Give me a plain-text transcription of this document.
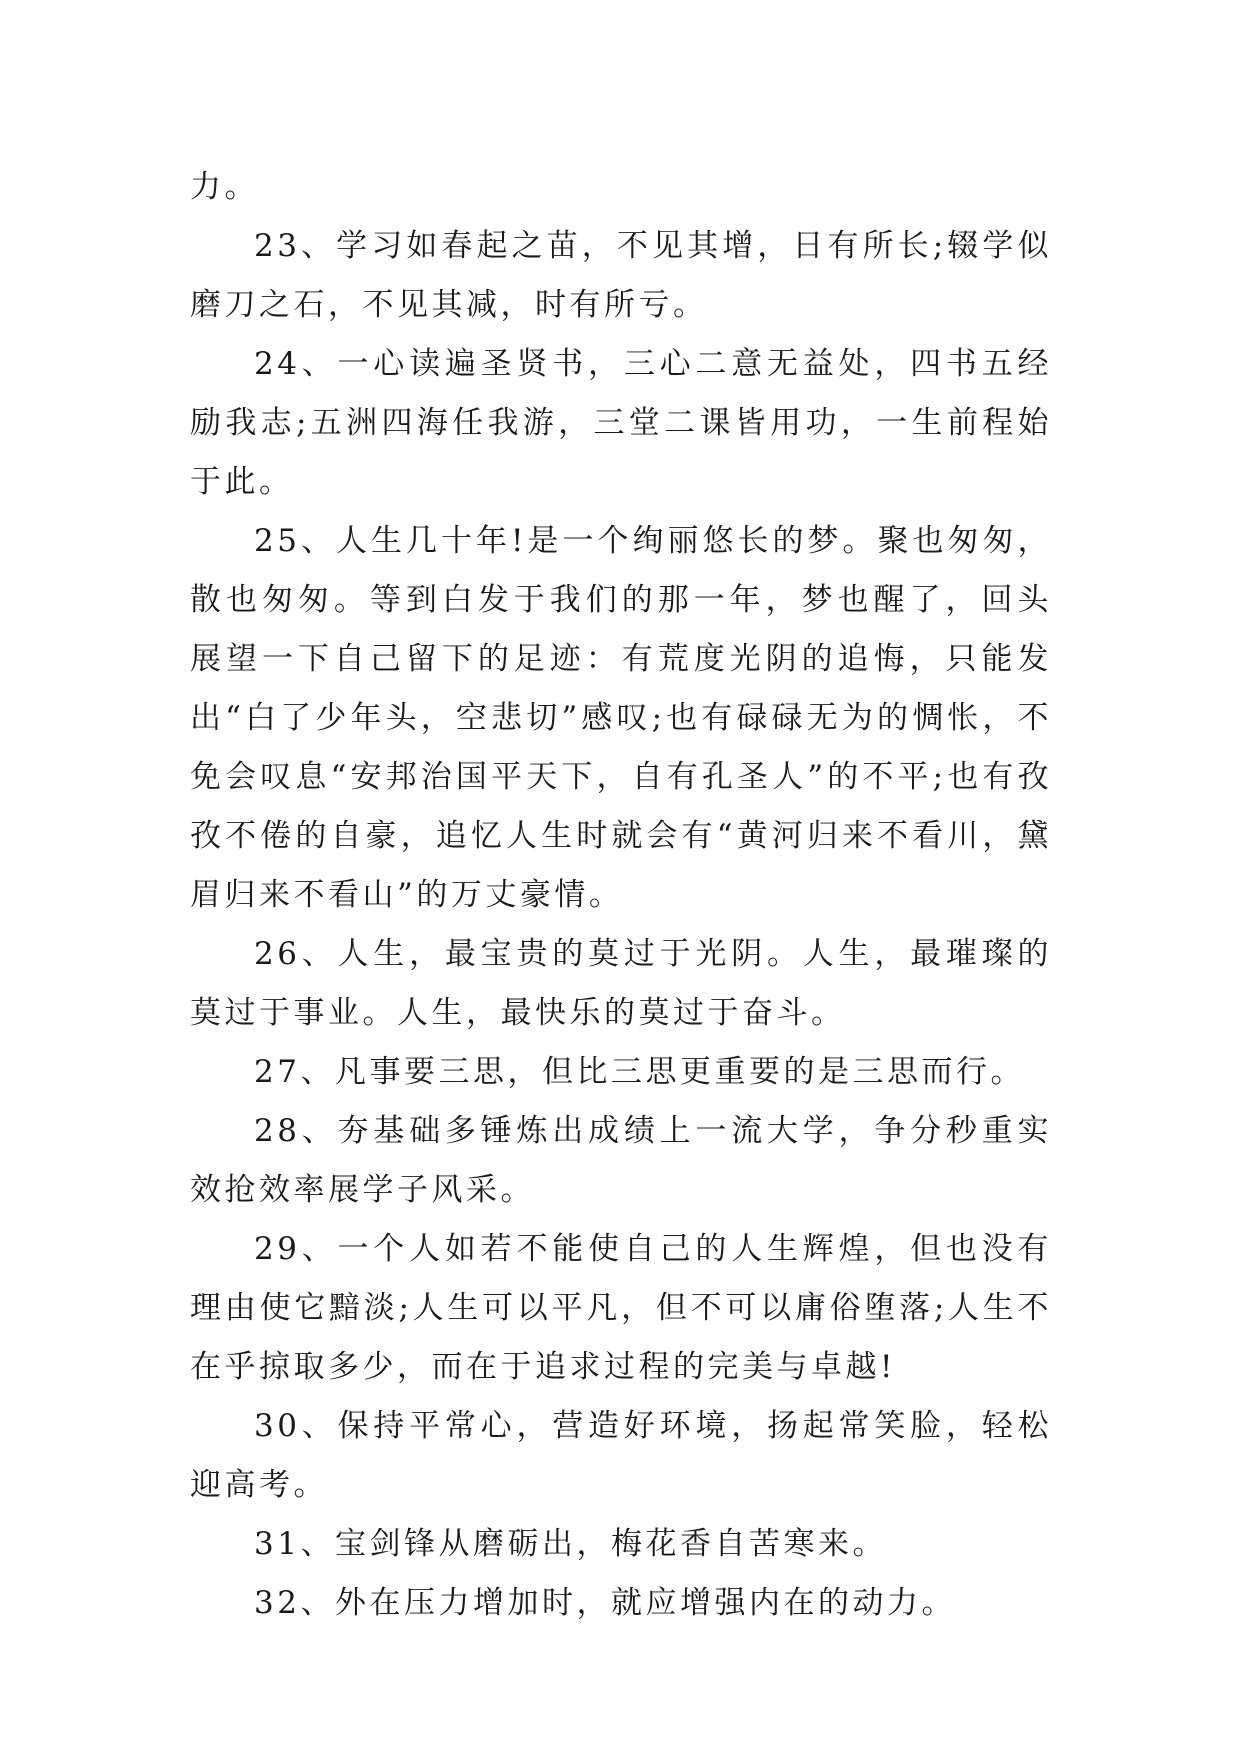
力。

23、学习如春起之苗，不见其增，日有所长;辍学似磨刀之石，不见其减，时有所亏。

24、一心读遍圣贤书，三心二意无益处，四书五经励我志;五洲四海任我游，三堂二课皆用功，一生前程始于此。

25、人生几十年!是一个绚丽悠长的梦。聚也匆匆，散也匆匆。等到白发于我们的那一年，梦也醒了，回头展望一下自己留下的足迹：有荒度光阴的追悔，只能发出“白了少年头，空悲切”感叹;也有碌碌无为的惆怅，不免会叹息“安邦治国平天下，自有孔圣人”的不平;也有孜孜不倦的自豪，追忆人生时就会有“黄河归来不看川，黛眉归来不看山”的万丈豪情。

26、人生，最宝贵的莫过于光阴。人生，最璀璨的莫过于事业。人生，最快乐的莫过于奋斗。

27、凡事要三思，但比三思更重要的是三思而行。

28、夯基础多锤炼出成绩上一流大学，争分秒重实效抢效率展学子风采。

29、一个人如若不能使自己的人生辉煌，但也没有理由使它黯淡;人生可以平凡，但不可以庸俗堕落;人生不在乎掠取多少，而在于追求过程的完美与卓越!

30、保持平常心，营造好环境，扬起常笑脸，轻松迎高考。

31、宝剑锋从磨砺出，梅花香自苦寒来。

32、外在压力增加时，就应增强内在的动力。
